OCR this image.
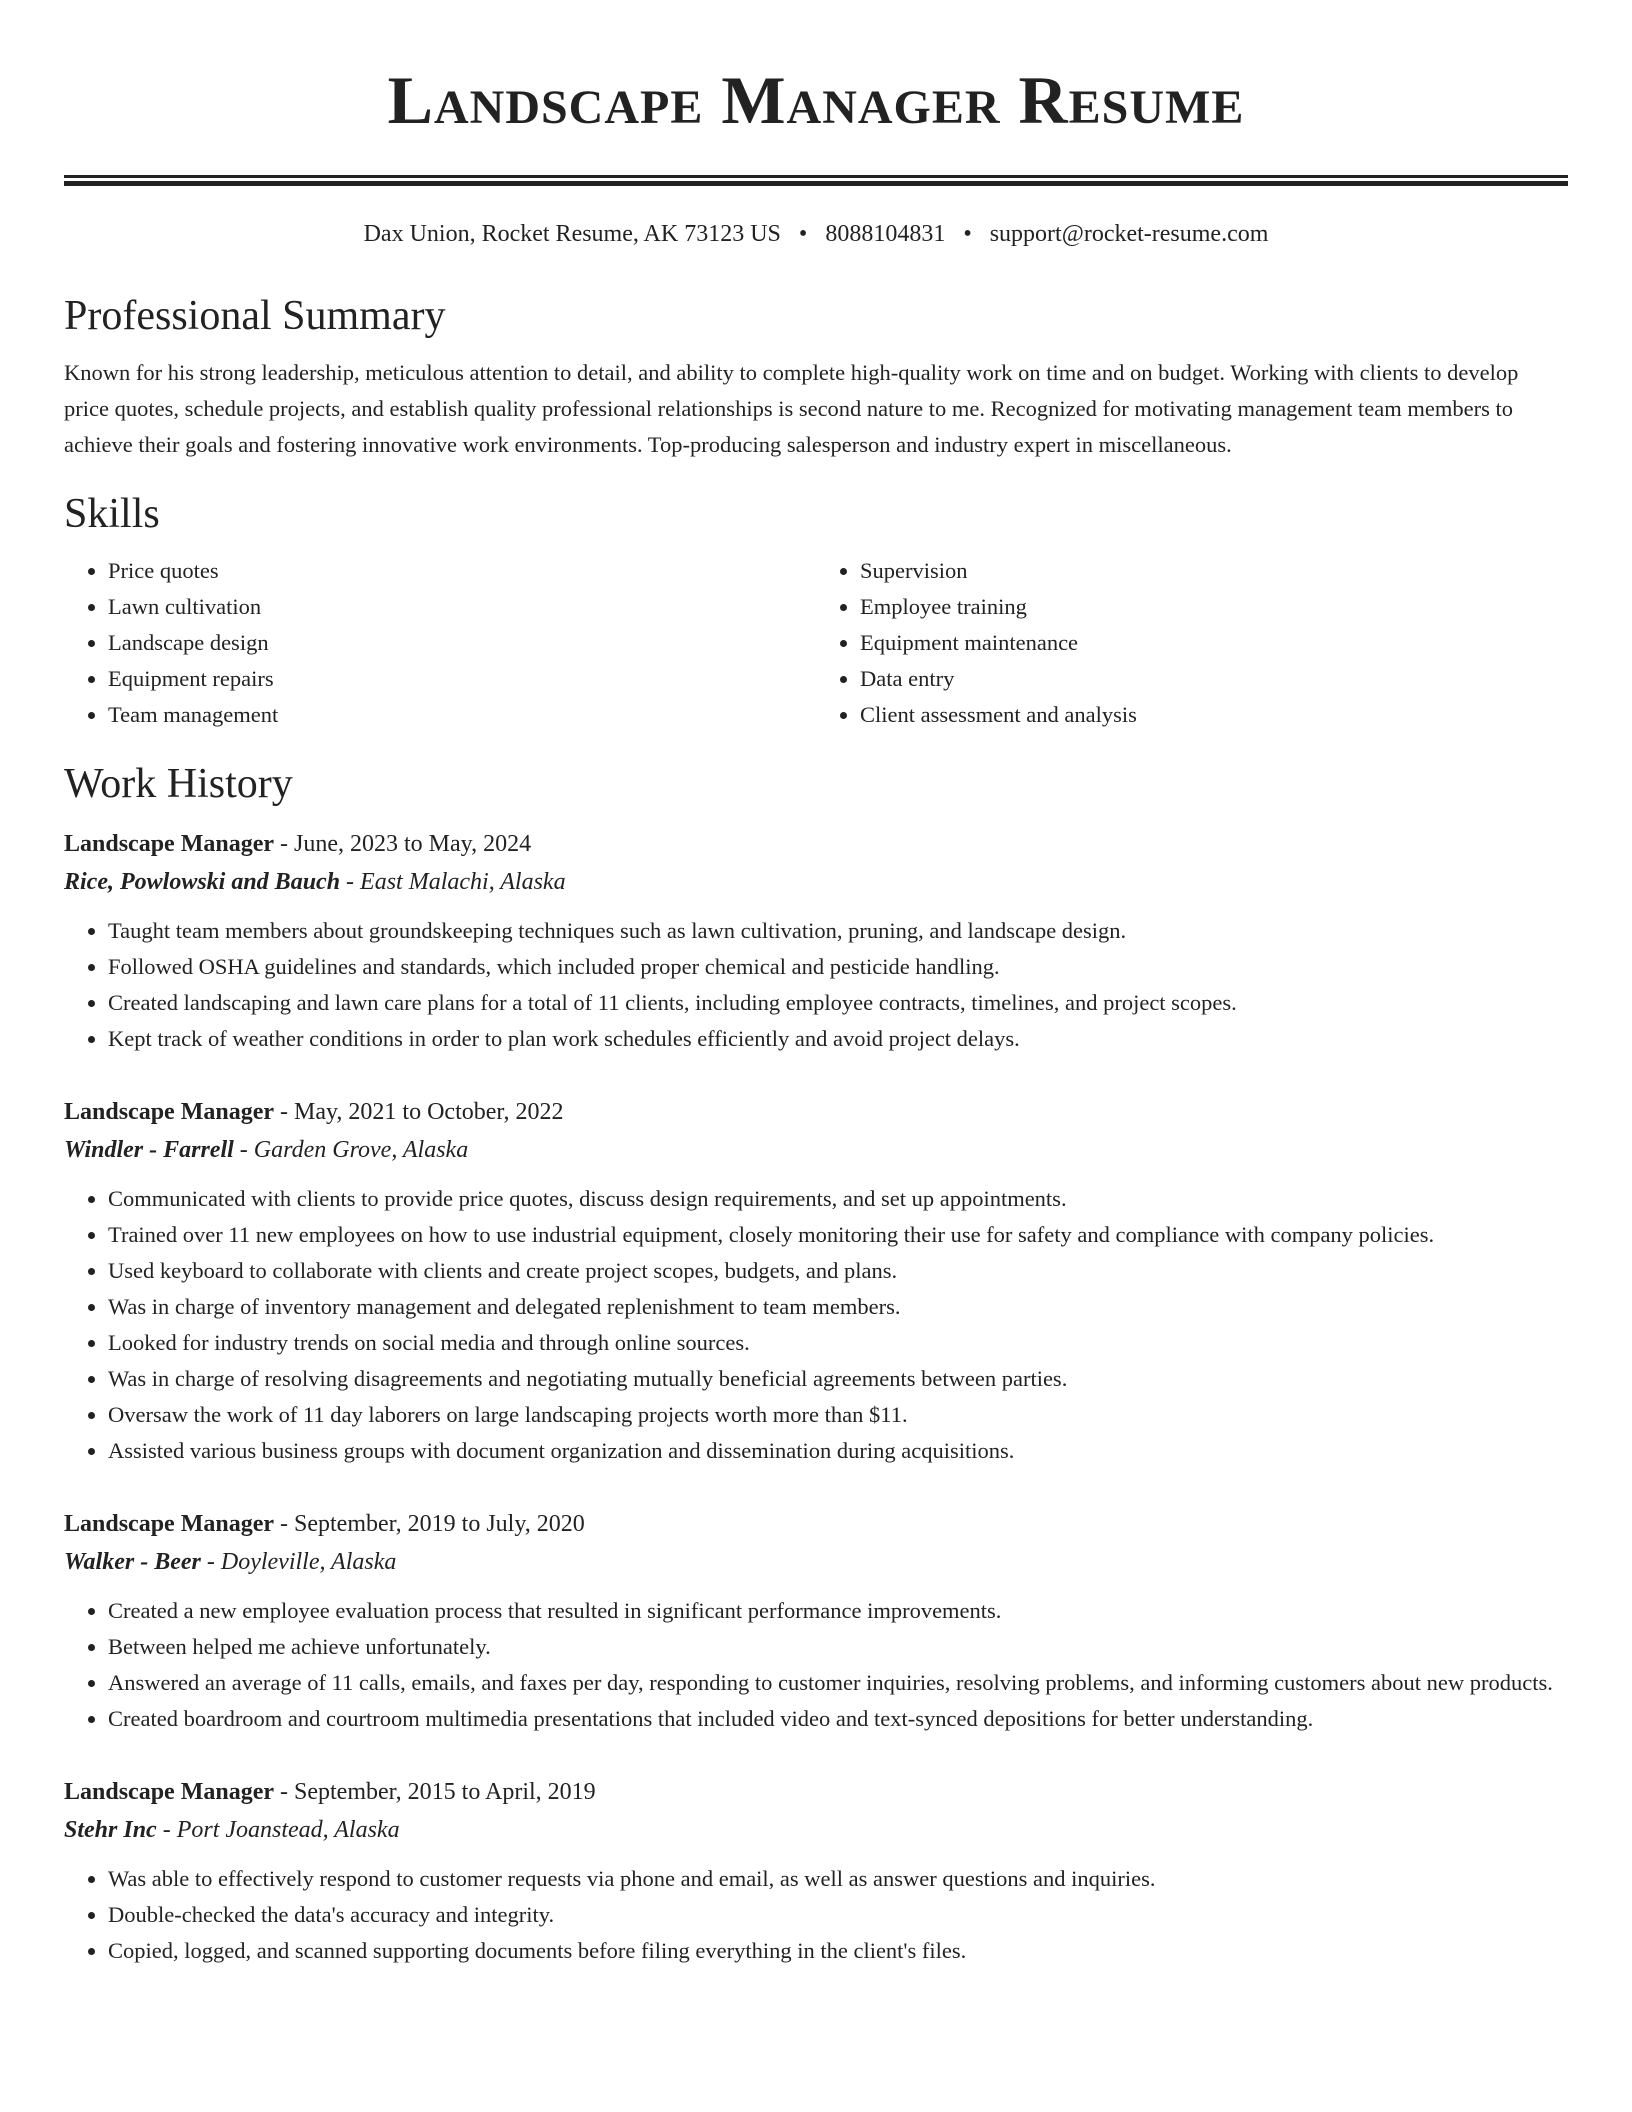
Landscape Manager Resume
Dax Union, Rocket Resume, AK 73123 US • 8088104831 • support@rocket-resume.com
Professional Summary

Known for his strong leadership, meticulous attention to detail, and ability to complete high-quality work on time and on budget. Working with clients to develop price quotes, schedule projects, and establish quality professional relationships is second nature to me. Recognized for motivating management team members to achieve their goals and fostering innovative work environments. Top-producing salesperson and industry expert in miscellaneous.

Skills
• Price quotes
• Lawn cultivation
• Landscape design
• Equipment repairs
• Team management
• Supervision
• Employee training
• Equipment maintenance
• Data entry
• Client assessment and analysis
Work History
Landscape Manager - June, 2023 to May, 2024
Rice, Powlowski and Bauch - East Malachi, Alaska
• Taught team members about groundskeeping techniques such as lawn cultivation, pruning, and landscape design.
• Followed OSHA guidelines and standards, which included proper chemical and pesticide handling.
• Created landscaping and lawn care plans for a total of 11 clients, including employee contracts, timelines, and project scopes.
• Kept track of weather conditions in order to plan work schedules efficiently and avoid project delays.
Landscape Manager - May, 2021 to October, 2022
Windler - Farrell - Garden Grove, Alaska
• Communicated with clients to provide price quotes, discuss design requirements, and set up appointments.
• Trained over 11 new employees on how to use industrial equipment, closely monitoring their use for safety and compliance with company policies.
• Used keyboard to collaborate with clients and create project scopes, budgets, and plans.
• Was in charge of inventory management and delegated replenishment to team members.
• Looked for industry trends on social media and through online sources.
• Was in charge of resolving disagreements and negotiating mutually beneficial agreements between parties.
• Oversaw the work of 11 day laborers on large landscaping projects worth more than $11.
• Assisted various business groups with document organization and dissemination during acquisitions.
Landscape Manager - September, 2019 to July, 2020
Walker - Beer - Doyleville, Alaska
• Created a new employee evaluation process that resulted in significant performance improvements.
• Between helped me achieve unfortunately.
• Answered an average of 11 calls, emails, and faxes per day, responding to customer inquiries, resolving problems, and informing customers about new products.
• Created boardroom and courtroom multimedia presentations that included video and text-synced depositions for better understanding.
Landscape Manager - September, 2015 to April, 2019
Stehr Inc - Port Joanstead, Alaska
• Was able to effectively respond to customer requests via phone and email, as well as answer questions and inquiries.
• Double-checked the data's accuracy and integrity.
• Copied, logged, and scanned supporting documents before filing everything in the client's files.
